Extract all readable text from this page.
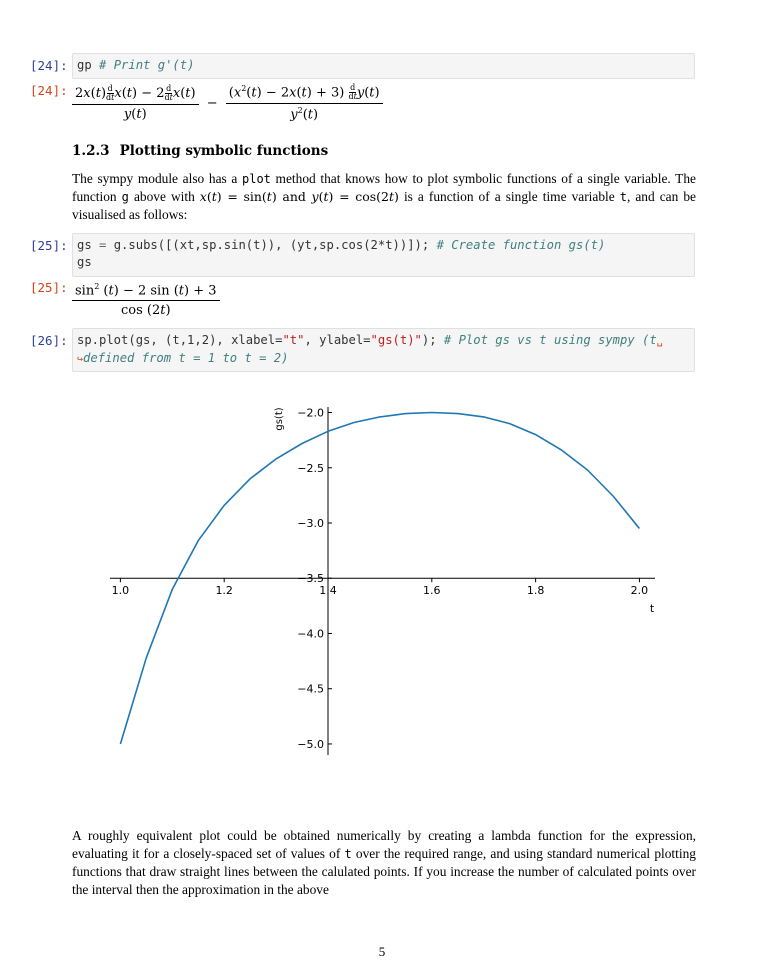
[24]: gp # Print g'(t)
[24]: $\frac{2x(t) \frac{d}{dt} x(t) - 2 \frac{d}{dt} x(t)}{y(t)} - \frac{(x^2(t) - 2x(t) + 3) \frac{d}{dt} y(t)}{y^2(t)}$
1.2.3 Plotting symbolic functions
The sympy module also has a plot method that knows how to plot symbolic functions of a single variable. The function g above with x(t) = sin(t) and y(t) = cos(2t) is a function of a single time variable t, and can be visualised as follows:
[25]: gs = g.subs([(xt,sp.sin(t)), (yt,sp.cos(2*t))]); # Create function gs(t)
gs
[25]: $\frac{\sin^2 (t) - 2 \sin (t) + 3}{\cos (2t)}$
[26]: sp.plot(gs, (t,1,2), xlabel="t", ylabel="gs(t)"); # Plot gs vs t using sympy (t␣
↪defined from t = 1 to t = 2)
1.0	1.2	1.4	1.6	1.8	2.0
−2.0
−2.5
−3.0
−3.5
−4.0
−4.5
−5.0
t
gs(t)
A roughly equivalent plot could be obtained numerically by creating a lambda function for the expression, evaluating it for a closely-spaced set of values of t over the required range, and using standard numerical plotting functions that draw straight lines between the calulated points. If you increase the number of calculated points over the interval then the approximation in the above
5
